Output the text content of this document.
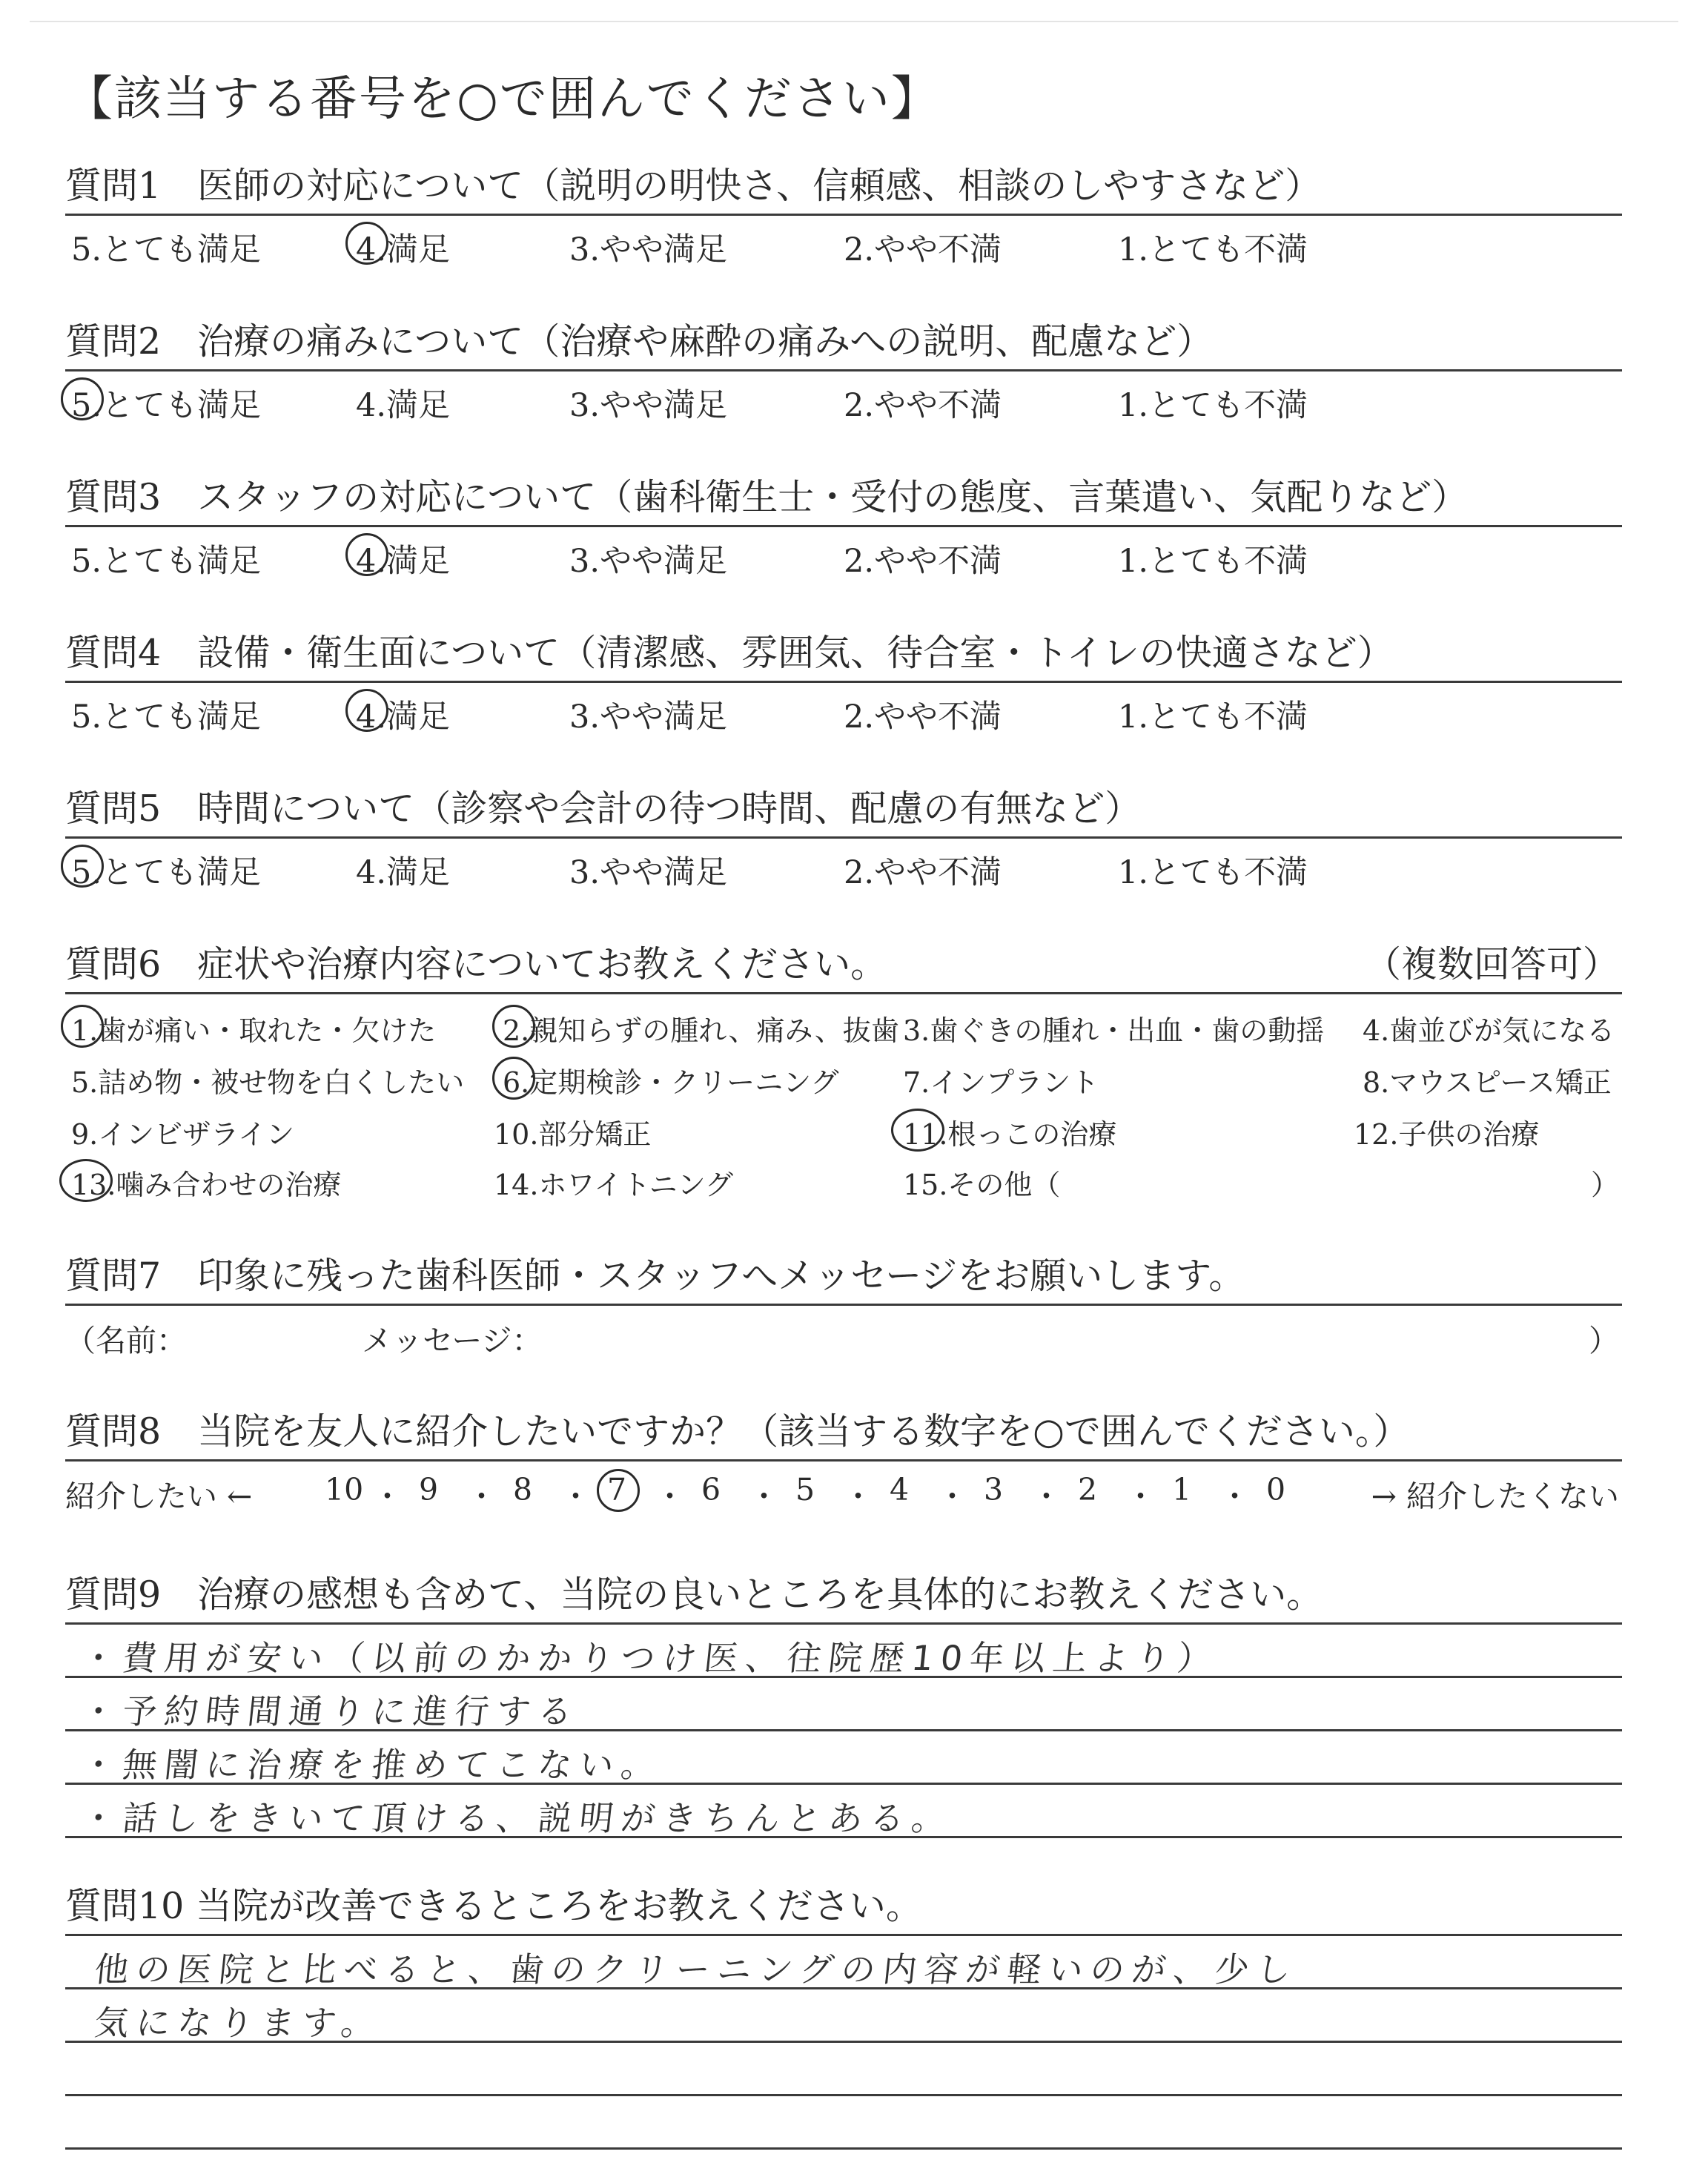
【該当する番号を○で囲んでください】
質問1　医師の対応について（説明の明快さ、信頼感、相談のしやすさなど）
5.とても満足	4.満足	3.やや満足	2.やや不満	1.とても不満
質問2　治療の痛みについて（治療や麻酔の痛みへの説明、配慮など）
5.とても満足	4.満足	3.やや満足	2.やや不満	1.とても不満
質問3　スタッフの対応について（歯科衛生士・受付の態度、言葉遣い、気配りなど）
5.とても満足	4.満足	3.やや満足	2.やや不満	1.とても不満
質問4　設備・衛生面について（清潔感、雰囲気、待合室・トイレの快適さなど）
5.とても満足	4.満足	3.やや満足	2.やや不満	1.とても不満
質問5　時間について（診察や会計の待つ時間、配慮の有無など）
5.とても満足	4.満足	3.やや満足	2.やや不満	1.とても不満
質問6　症状や治療内容についてお教えください。	（複数回答可）
1.歯が痛い・取れた・欠けた 2.親知らずの腫れ、痛み、抜歯 3.歯ぐきの腫れ・出血・歯の動揺 4.歯並びが気になる
5.詰め物・被せ物を白くしたい 6.定期検診・クリーニング 7.インプラント	8.マウスピース矯正
9.インビザライン	10.部分矯正	11.根っこの治療	12.子供の治療
13.噛み合わせの治療	14.ホワイトニング	15.その他（	）
質問7　印象に残った歯科医師・スタッフへメッセージをお願いします。
（名前：	メッセージ：	）
質問8　当院を友人に紹介したいですか？（該当する数字を○で囲んでください。）
紹介したい ←	→ 紹介したくない
10 ・ 9 ・ 8 ・ 7 ・ 6 ・ 5 ・ 4 ・ 3 ・ 2 ・ 1 ・ 0
質問9　治療の感想も含めて、当院の良いところを具体的にお教えください。
・費用が安い（以前のかかりつけ医、往院歴10年以上より）
・予約時間通りに進行する
・無闇に治療を推めてこない。
・話しをきいて頂ける、説明がきちんとある。
質問10 当院が改善できるところをお教えください。
他の医院と比べると、歯のクリーニングの内容が軽いのが、少し
気になります。
